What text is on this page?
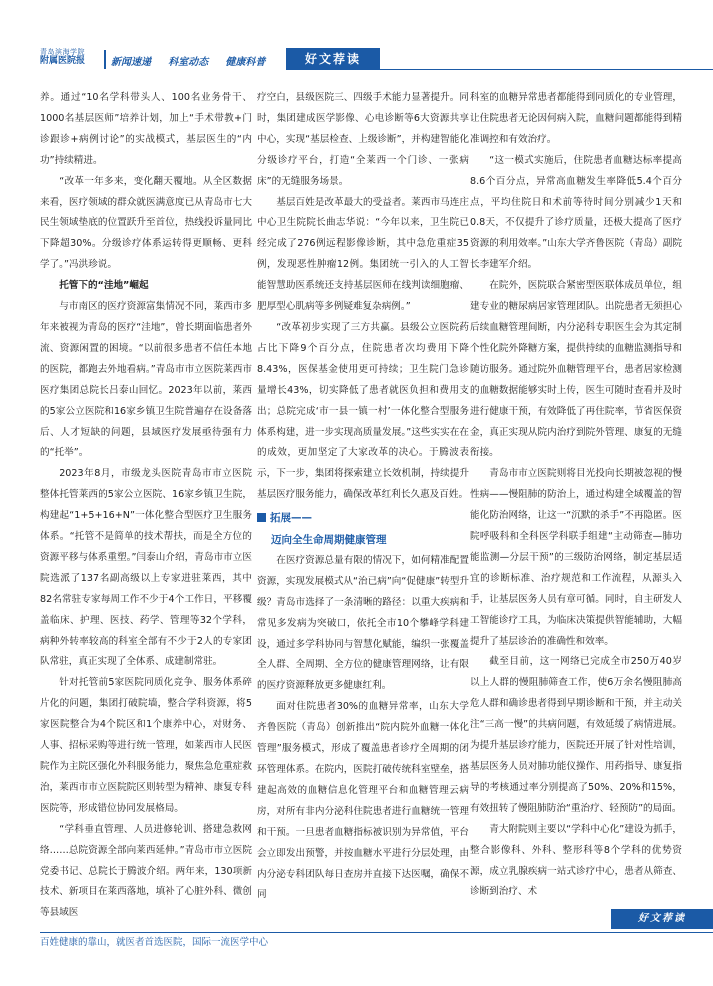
青岛滨海学院
附属医院报	新闻速递 科室动态 健康科普	好文荐读

养。通过“10名学科带头人、100名业务骨干、1000名基层医师”培养计划，加上“手术带教+门诊跟诊+病例讨论”的实战模式，基层医生的“内功”持续精进。

“改革一年多来，变化翻天覆地。从全区数据来看，医疗领域的群众就医满意度已从青岛市七大民生领域垫底的位置跃升至首位，热线投诉量同比下降超30%。分级诊疗体系运转得更顺畅、更科学了。”冯洪珍说。

托管下的“洼地”崛起

与市南区的医疗资源富集情况不同，莱西市多年来被视为青岛的医疗“洼地”，曾长期面临患者外流、资源闲置的困境。“以前很多患者不信任本地的医院，都跑去外地看病。”青岛市市立医院莱西市医疗集团总院长吕泰山回忆。2023年以前，莱西的5家公立医院和16家乡镇卫生院普遍存在设备落后、人才短缺的问题，县域医疗发展亟待强有力的“托举”。

2023年8月，市级龙头医院青岛市市立医院整体托管莱西的5家公立医院、16家乡镇卫生院，构建起“1+5+16+N”一体化整合型医疗卫生服务体系。“托管不是简单的技术帮扶，而是全方位的资源平移与体系重塑。”闫泰山介绍，青岛市市立医院选派了137名副高级以上专家进驻莱西，其中82名常驻专家每周工作不少于4个工作日，平移覆盖临床、护理、医技、药学、管理等32个学科，病种外转率较高的科室全部有不少于2人的专家团队常驻，真正实现了全体系、成建制常驻。

针对托管前5家医院同质化竞争、服务体系碎片化的问题，集团打破院墙，整合学科资源，将5家医院整合为4个院区和1个康养中心，对财务、人事、招标采购等进行统一管理，如莱西市人民医院作为主院区强化外科服务能力，聚焦急危重症救治，莱西市市立医院院区则转型为精神、康复专科医院等，形成错位协同发展格局。

“学科垂直管理、人员进修轮训、搭建急救网络……总院资源全部向莱西延伸。”青岛市市立医院党委书记、总院长于腾波介绍。两年来，130项新技术、新项目在莱西落地，填补了心脏外科、微创等县域医

疗空白，县级医院三、四级手术能力显著提升。同时，集团建成医学影像、心电诊断等6大资源共享中心，实现“基层检查、上级诊断”，并构建智能化分级诊疗平台，打造“全莱西一个门诊、一张病床”的无缝服务场景。

基层百姓是改革最大的受益者。莱西市马连庄中心卫生院院长曲志华说：“今年以来，卫生院已经完成了276例远程影像诊断，其中急危重症35例，发现恶性肿瘤12例。集团统一引入的人工智能智慧助医系统还支持基层医师在线判读细胞瘤、肥厚型心肌病等多例疑难复杂病例。”

“改革初步实现了三方共赢。县级公立医院药占比下降9个百分点，住院患者次均费用下降8.43%，医保基金使用更可持续；卫生院门急诊量增长43%，切实降低了患者就医负担和费用支出；总院完成‘市一县一镇一村’一体化整合型服务体系构建，进一步实现高质量发展。”这些实实在在的成效，更加坚定了大家改革的决心。于腾波表示，下一步，集团将探索建立长效机制，持续提升基层医疗服务能力，确保改革红利长久惠及百姓。

拓展——
迈向全生命周期健康管理

在医疗资源总量有限的情况下，如何精准配置资源，实现发展模式从“治已病”向“促健康”转型升级？青岛市选择了一条清晰的路径：以重大疾病和常见多发病为突破口，依托全市10个攀峰学科建设，通过多学科协同与智慧化赋能，编织一张覆盖全人群、全周期、全方位的健康管理网络，让有限的医疗资源释放更多健康红利。

面对住院患者30%的血糖异常率，山东大学齐鲁医院（青岛）创新推出“院内院外血糖一体化管理”服务模式，形成了覆盖患者诊疗全周期的闭环管理体系。在院内，医院打破传统科室壁垒，搭建起高效的血糖信息化管理平台和血糖管理云病房，对所有非内分泌科住院患者进行血糖统一管理和干预。一旦患者血糖指标被识别为异常值，平台会立即发出预警，并按血糖水平进行分层处理，由内分泌专科团队每日查房并直接下达医嘱，确保不同

科室的血糖异常患者都能得到同质化的专业管理，让住院患者无论因何病入院，血糖问题都能得到精准调控和有效治疗。

“这一模式实施后，住院患者血糖达标率提高8.6个百分点，异常高血糖发生率降低5.4个百分点，平均住院日和术前等待时间分别减少1天和0.8天，不仅提升了诊疗质量，还极大提高了医疗资源的利用效率。”山东大学齐鲁医院（青岛）副院长李建军介绍。

在院外，医院联合紧密型医联体成员单位，组建专业的糖尿病居家管理团队。出院患者无须担心后续血糖管理间断，内分泌科专职医生会为其定制个性化院外降糖方案，提供持续的血糖监测指导和随访服务。通过院外血糖管理平台，患者居家检测的血糖数据能够实时上传，医生可随时查看并及时进行健康干预，有效降低了再住院率，节省医保资金，真正实现从院内治疗到院外管理、康复的无缝衔接。

青岛市市立医院则将目光投向长期被忽视的慢性病——慢阻肺的防治上，通过构建全域覆盖的智能化防治网络，让这一“沉默的杀手”不再隐匿。医院呼吸科和全科医学科联手组建“主动筛查—肺功能监测—分层干预”的三级防治网络，制定基层适宜的诊断标准、治疗规范和工作流程，从源头入手，让基层医务人员有章可循。同时，自主研发人工智能诊疗工具，为临床决策提供智能辅助，大幅提升了基层诊治的准确性和效率。

截至目前，这一网络已完成全市250万40岁以上人群的慢阻肺筛查工作，使6万余名慢阻肺高危人群和确诊患者得到早期诊断和干预，并主动关注“三高一慢”的共病问题，有效延缓了病情进展。为提升基层诊疗能力，医院还开展了针对性培训，基层医务人员对肺功能仪操作、用药指导、康复指导的考核通过率分别提高了50%、20%和15%，有效扭转了慢阻肺防治“重治疗、轻预防”的局面。

青大附院则主要以“学科中心化”建设为抓手，整合影像科、外科、整形科等8个学科的优势资源，成立乳腺疾病一站式诊疗中心，患者从筛查、诊断到治疗、术

好文荐读
百姓健康的靠山，就医者首选医院，国际一流医学中心
